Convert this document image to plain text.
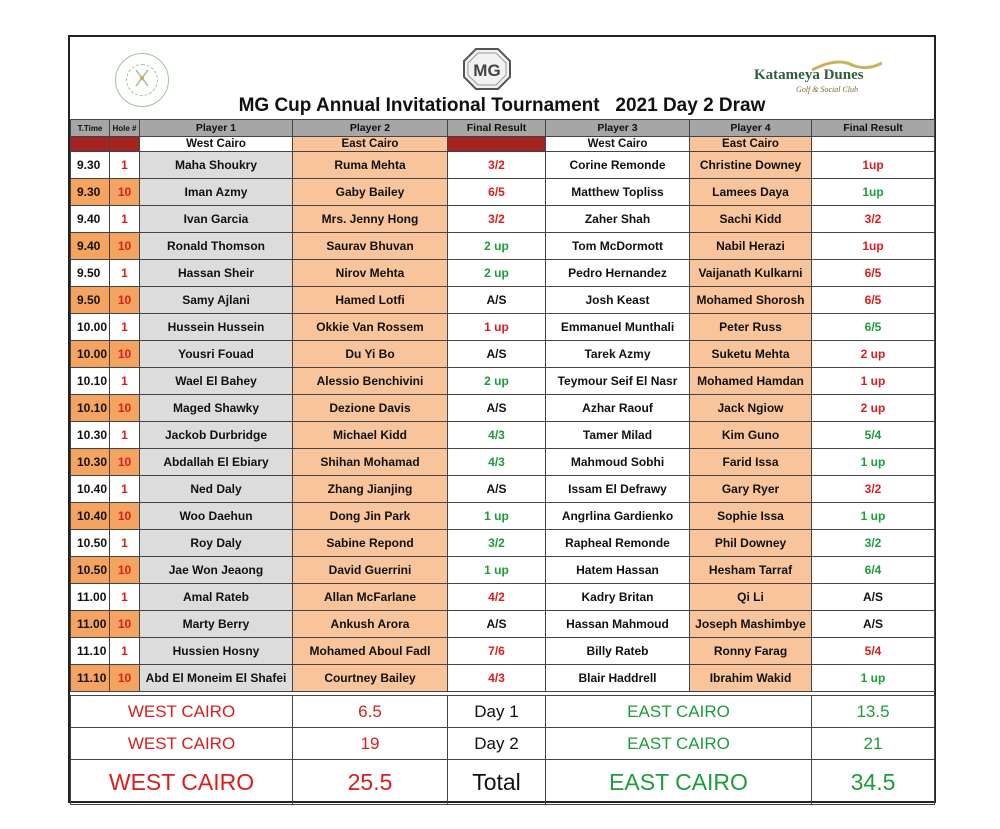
MG	Katameya Dunes
Golf & Social Club
MG Cup Annual Invitational Tournament   2021 Day 2 Draw
T.Time	Hole #	Player 1	Player 2	Final Result	Player 3	Player 4	Final Result
		West Cairo	East Cairo		West Cairo	East Cairo	
9.30	1	Maha Shoukry	Ruma Mehta	3/2	Corine Remonde	Christine Downey	1up
9.30	10	Iman Azmy	Gaby Bailey	6/5	Matthew Topliss	Lamees Daya	1up
9.40	1	Ivan Garcia	Mrs. Jenny Hong	3/2	Zaher Shah	Sachi Kidd	3/2
9.40	10	Ronald Thomson	Saurav Bhuvan	2 up	Tom McDormott	Nabil Herazi	1up
9.50	1	Hassan Sheir	Nirov Mehta	2 up	Pedro Hernandez	Vaijanath Kulkarni	6/5
9.50	10	Samy Ajlani	Hamed Lotfi	A/S	Josh Keast	Mohamed Shorosh	6/5
10.00	1	Hussein Hussein	Okkie Van Rossem	1 up	Emmanuel Munthali	Peter Russ	6/5
10.00	10	Yousri Fouad	Du Yi Bo	A/S	Tarek Azmy	Suketu Mehta	2 up
10.10	1	Wael El Bahey	Alessio Benchivini	2 up	Teymour Seif El Nasr	Mohamed Hamdan	1 up
10.10	10	Maged Shawky	Dezione Davis	A/S	Azhar Raouf	Jack Ngiow	2 up
10.30	1	Jackob Durbridge	Michael Kidd	4/3	Tamer Milad	Kim Guno	5/4
10.30	10	Abdallah El Ebiary	Shihan Mohamad	4/3	Mahmoud Sobhi	Farid Issa	1 up
10.40	1	Ned Daly	Zhang Jianjing	A/S	Issam El Defrawy	Gary Ryer	3/2
10.40	10	Woo Daehun	Dong Jin Park	1 up	Angrlina Gardienko	Sophie Issa	1 up
10.50	1	Roy Daly	Sabine Repond	3/2	Rapheal Remonde	Phil Downey	3/2
10.50	10	Jae Won Jeaong	David Guerrini	1 up	Hatem Hassan	Hesham Tarraf	6/4
11.00	1	Amal Rateb	Allan McFarlane	4/2	Kadry Britan	Qi Li	A/S
11.00	10	Marty Berry	Ankush Arora	A/S	Hassan Mahmoud	Joseph Mashimbye	A/S
11.10	1	Hussien Hosny	Mohamed Aboul Fadl	7/6	Billy Rateb	Ronny Farag	5/4
11.10	10	Abd El Moneim El Shafei	Courtney Bailey	4/3	Blair Haddrell	Ibrahim Wakid	1 up
WEST CAIRO	6.5	Day 1	EAST CAIRO	13.5
WEST CAIRO	19	Day 2	EAST CAIRO	21
WEST CAIRO	25.5	Total	EAST CAIRO	34.5
